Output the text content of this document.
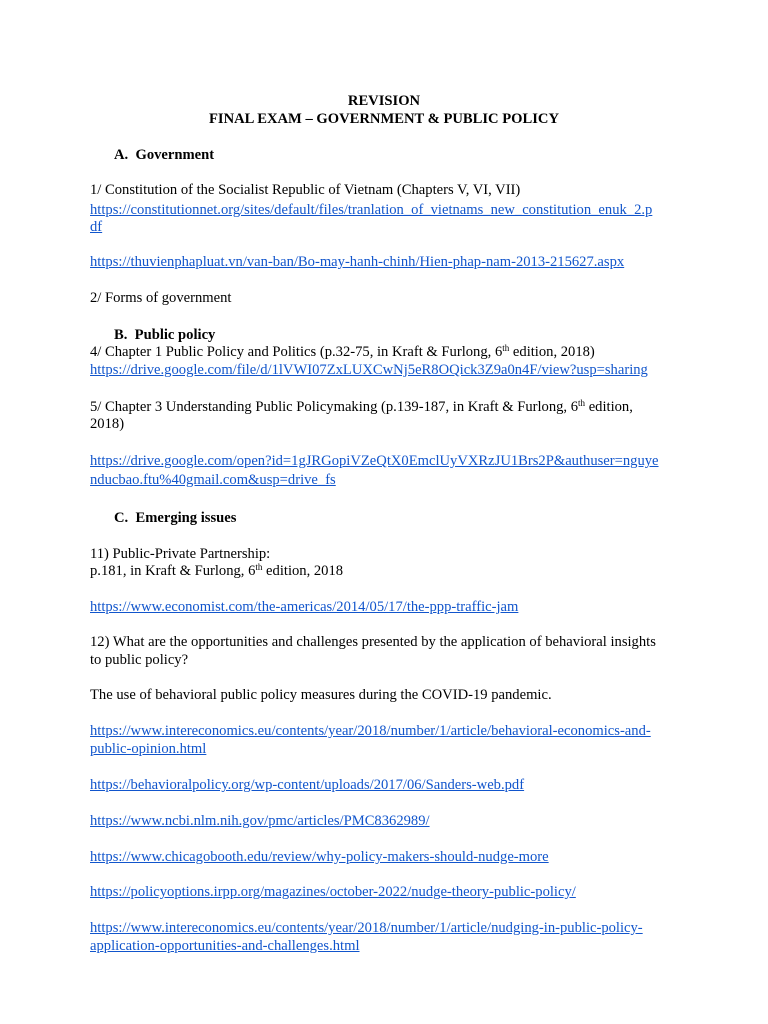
REVISION
FINAL EXAM – GOVERNMENT & PUBLIC POLICY
A.  Government
1/ Constitution of the Socialist Republic of Vietnam (Chapters V, VI, VII)
https://constitutionnet.org/sites/default/files/tranlation_of_vietnams_new_constitution_enuk_2.p
df
https://thuvienphapluat.vn/van-ban/Bo-may-hanh-chinh/Hien-phap-nam-2013-215627.aspx
2/ Forms of government
B.  Public policy
4/ Chapter 1 Public Policy and Politics (p.32-75, in Kraft & Furlong, 6th edition, 2018)
https://drive.google.com/file/d/1lVWI07ZxLUXCwNj5eR8OQick3Z9a0n4F/view?usp=sharing
5/ Chapter 3 Understanding Public Policymaking (p.139-187, in Kraft & Furlong, 6th edition,
2018)
https://drive.google.com/open?id=1gJRGopiVZeQtX0EmclUyVXRzJU1Brs2P&authuser=nguye
nducbao.ftu%40gmail.com&usp=drive_fs
C.  Emerging issues
11) Public-Private Partnership:
p.181, in Kraft & Furlong, 6th edition, 2018
https://www.economist.com/the-americas/2014/05/17/the-ppp-traffic-jam
12) What are the opportunities and challenges presented by the application of behavioral insights
to public policy?
The use of behavioral public policy measures during the COVID-19 pandemic.
https://www.intereconomics.eu/contents/year/2018/number/1/article/behavioral-economics-and-
public-opinion.html
https://behavioralpolicy.org/wp-content/uploads/2017/06/Sanders-web.pdf
https://www.ncbi.nlm.nih.gov/pmc/articles/PMC8362989/
https://www.chicagobooth.edu/review/why-policy-makers-should-nudge-more
https://policyoptions.irpp.org/magazines/october-2022/nudge-theory-public-policy/
https://www.intereconomics.eu/contents/year/2018/number/1/article/nudging-in-public-policy-
application-opportunities-and-challenges.html
